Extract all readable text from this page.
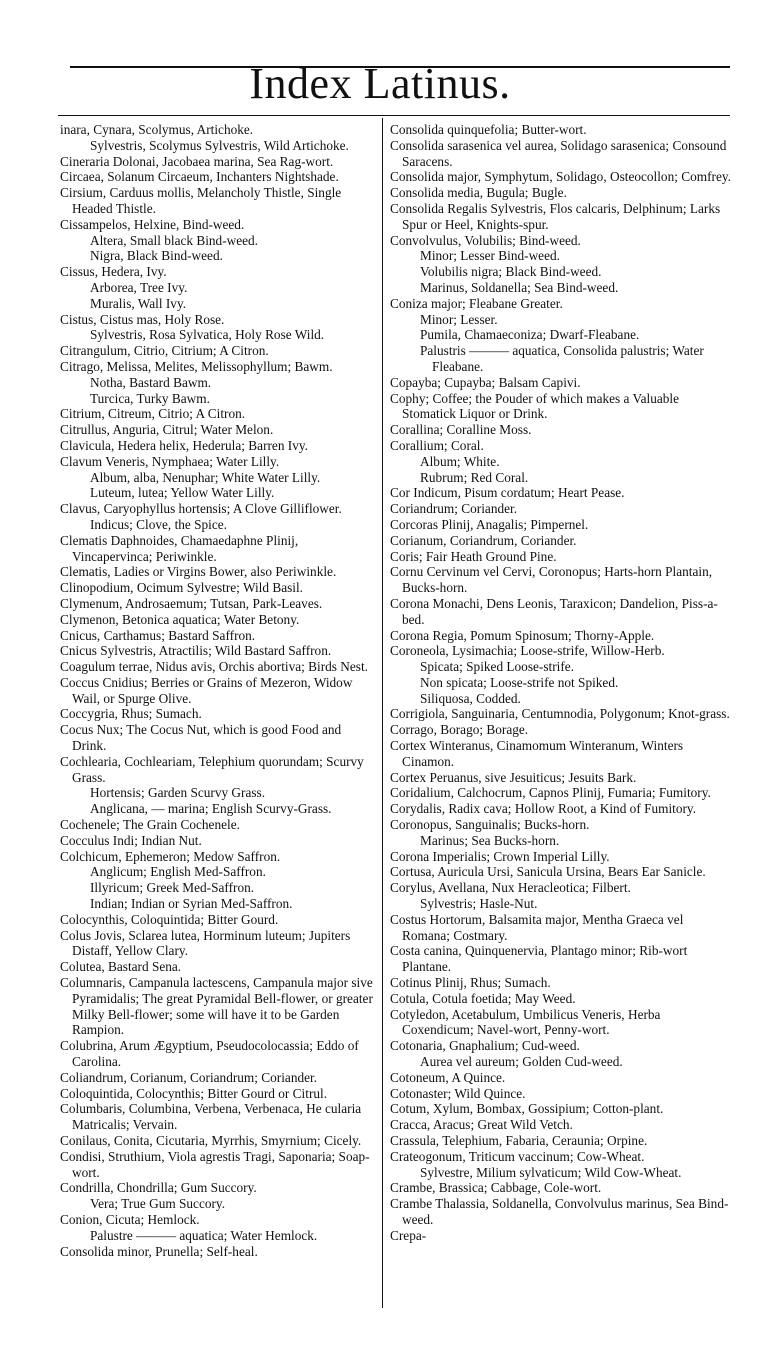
Index Latinus.

inara, Cynara, Scolymus, Artichoke.

Sylvestris, Scolymus Sylvestris, Wild Artichoke.

Cineraria Dolonai, Jacobaea marina, Sea Rag-wort.

Circaea, Solanum Circaeum, Inchanters Nightshade.

Cirsium, Carduus mollis, Melancholy Thistle, Single Headed Thistle.

Cissampelos, Helxine, Bind-weed.

Altera, Small black Bind-weed.

Nigra, Black Bind-weed.

Cissus, Hedera, Ivy.

Arborea, Tree Ivy.

Muralis, Wall Ivy.

Cistus, Cistus mas, Holy Rose.

Sylvestris, Rosa Sylvatica, Holy Rose Wild.

Citrangulum, Citrio, Citrium; A Citron.

Citrago, Melissa, Melites, Melissophyllum; Bawm.

Notha, Bastard Bawm.

Turcica, Turky Bawm.

Citrium, Citreum, Citrio; A Citron.

Citrullus, Anguria, Citrul; Water Melon.

Clavicula, Hedera helix, Hederula; Barren Ivy.

Clavum Veneris, Nymphaea; Water Lilly.

Album, alba, Nenuphar; White Water Lilly.

Luteum, lutea; Yellow Water Lilly.

Clavus, Caryophyllus hortensis; A Clove Gilliflower.

Indicus; Clove, the Spice.

Clematis Daphnoides, Chamaedaphne Plinij, Vincapervinca; Periwinkle.

Clematis, Ladies or Virgins Bower, also Periwinkle.

Clinopodium, Ocimum Sylvestre; Wild Basil.

Clymenum, Androsaemum; Tutsan, Park-Leaves.

Clymenon, Betonica aquatica; Water Betony.

Cnicus, Carthamus; Bastard Saffron.

Cnicus Sylvestris, Atractilis; Wild Bastard Saffron.

Coagulum terrae, Nidus avis, Orchis abortiva; Birds Nest.

Coccus Cnidius; Berries or Grains of Mezeron, Widow Wail, or Spurge Olive.

Coccygria, Rhus; Sumach.

Cocus Nux; The Cocus Nut, which is good Food and Drink.

Cochlearia, Cochleariam, Telephium quorundam; Scurvy Grass.

Hortensis; Garden Scurvy Grass.

Anglicana, — marina; English Scurvy-Grass.

Cochenele; The Grain Cochenele.

Cocculus Indi; Indian Nut.

Colchicum, Ephemeron; Medow Saffron.

Anglicum; English Med-Saffron.

Illyricum; Greek Med-Saffron.

Indian; Indian or Syrian Med-Saffron.

Colocynthis, Coloquintida; Bitter Gourd.

Colus Jovis, Sclarea lutea, Horminum luteum; Jupiters Distaff, Yellow Clary.

Colutea, Bastard Sena.

Columnaris, Campanula lactescens, Campanula major sive Pyramidalis; The great Pyramidal Bell-flower, or greater Milky Bell-flower; some will have it to be Garden Rampion.

Colubrina, Arum Ægyptium, Pseudocolocassia; Eddo of Carolina.

Coliandrum, Corianum, Coriandrum; Coriander.

Coloquintida, Colocynthis; Bitter Gourd or Citrul.

Columbaris, Columbina, Verbena, Verbenaca, He cularia Matricalis; Vervain.

Conilaus, Conita, Cicutaria, Myrrhis, Smyrnium; Cicely.

Condisi, Struthium, Viola agrestis Tragi, Saponaria; Soap-wort.

Condrilla, Chondrilla; Gum Succory.

Vera; True Gum Succory.

Conion, Cicuta; Hemlock.

Palustre ——— aquatica; Water Hemlock.

Consolida minor, Prunella; Self-heal.

Consolida quinquefolia; Butter-wort.

Consolida sarasenica vel aurea, Solidago sarasenica; Consound Saracens.

Consolida major, Symphytum, Solidago, Osteocollon; Comfrey.

Consolida media, Bugula; Bugle.

Consolida Regalis Sylvestris, Flos calcaris, Delphinum; Larks Spur or Heel, Knights-spur.

Convolvulus, Volubilis; Bind-weed.

Minor; Lesser Bind-weed.

Volubilis nigra; Black Bind-weed.

Marinus, Soldanella; Sea Bind-weed.

Coniza major; Fleabane Greater.

Minor; Lesser.

Pumila, Chamaeconiza; Dwarf-Fleabane.

Palustris ——— aquatica, Consolida palustris; Water Fleabane.

Copayba; Cupayba; Balsam Capivi.

Cophy; Coffee; the Pouder of which makes a Valuable Stomatick Liquor or Drink.

Corallina; Coralline Moss.

Corallium; Coral.

Album; White.

Rubrum; Red Coral.

Cor Indicum, Pisum cordatum; Heart Pease.

Coriandrum; Coriander.

Corcoras Plinij, Anagalis; Pimpernel.

Corianum, Coriandrum, Coriander.

Coris; Fair Heath Ground Pine.

Cornu Cervinum vel Cervi, Coronopus; Harts-horn Plantain, Bucks-horn.

Corona Monachi, Dens Leonis, Taraxicon; Dandelion, Piss-a-bed.

Corona Regia, Pomum Spinosum; Thorny-Apple.

Coroneola, Lysimachia; Loose-strife, Willow-Herb.

Spicata; Spiked Loose-strife.

Non spicata; Loose-strife not Spiked.

Siliquosa, Codded.

Corrigiola, Sanguinaria, Centumnodia, Polygonum; Knot-grass.

Corrago, Borago; Borage.

Cortex Winteranus, Cinamomum Winteranum, Winters Cinamon.

Cortex Peruanus, sive Jesuiticus; Jesuits Bark.

Coridalium, Calchocrum, Capnos Plinij, Fumaria; Fumitory.

Corydalis, Radix cava; Hollow Root, a Kind of Fumitory.

Coronopus, Sanguinalis; Bucks-horn.

Marinus; Sea Bucks-horn.

Corona Imperialis; Crown Imperial Lilly.

Cortusa, Auricula Ursi, Sanicula Ursina, Bears Ear Sanicle.

Corylus, Avellana, Nux Heracleotica; Filbert.

Sylvestris; Hasle-Nut.

Costus Hortorum, Balsamita major, Mentha Graeca vel Romana; Costmary.

Costa canina, Quinquenervia, Plantago minor; Rib-wort Plantane.

Cotinus Plinij, Rhus; Sumach.

Cotula, Cotula foetida; May Weed.

Cotyledon, Acetabulum, Umbilicus Veneris, Herba Coxendicum; Navel-wort, Penny-wort.

Cotonaria, Gnaphalium; Cud-weed.

Aurea vel aureum; Golden Cud-weed.

Cotoneum, A Quince.

Cotonaster; Wild Quince.

Cotum, Xylum, Bombax, Gossipium; Cotton-plant.

Cracca, Aracus; Great Wild Vetch.

Crassula, Telephium, Fabaria, Ceraunia; Orpine.

Crateogonum, Triticum vaccinum; Cow-Wheat.

Sylvestre, Milium sylvaticum; Wild Cow-Wheat.

Crambe, Brassica; Cabbage, Cole-wort.

Crambe Thalassia, Soldanella, Convolvulus marinus, Sea Bind-weed.

Crepa-
